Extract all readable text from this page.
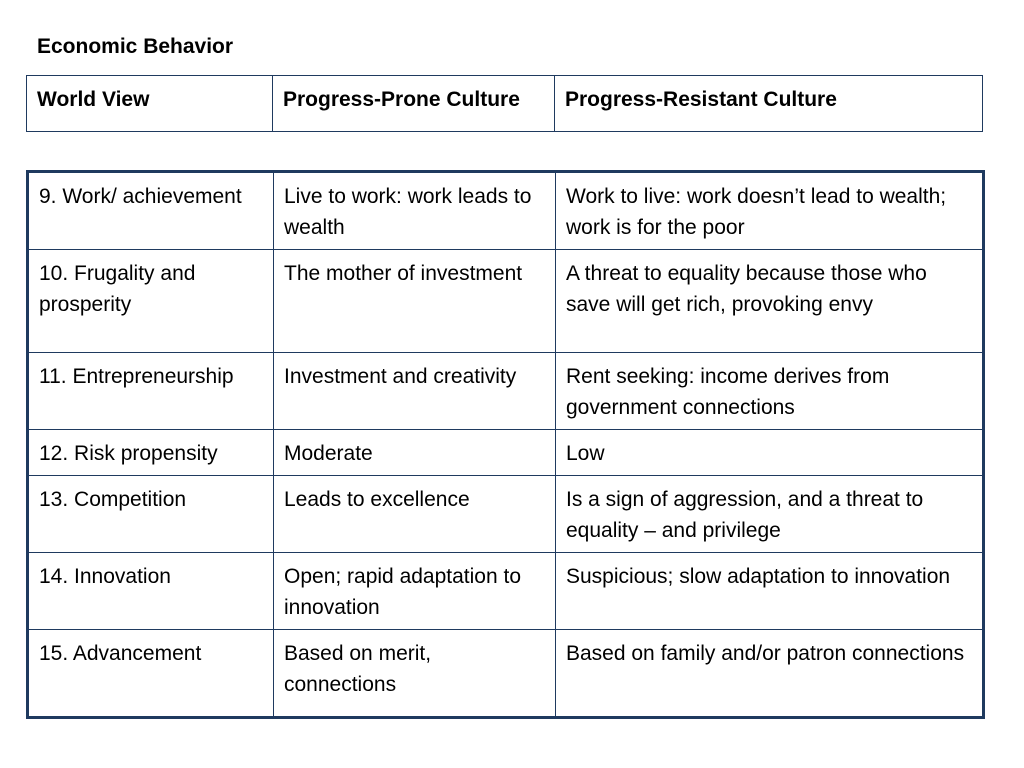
Economic Behavior
World View	Progress-Prone Culture	Progress-Resistant Culture
9. Work/ achievement	Live to work: work leads to wealth	Work to live: work doesn’t lead to wealth; work is for the poor
10. Frugality and prosperity	The mother of investment	A threat to equality because those who save will get rich, provoking envy
11. Entrepreneurship	Investment and creativity	Rent seeking: income derives from government connections
12. Risk propensity	Moderate	Low
13. Competition	Leads to excellence	Is a sign of aggression, and a threat to equality – and privilege
14. Innovation	Open; rapid adaptation to innovation	Suspicious; slow adaptation to innovation
15. Advancement	Based on merit, connections	Based on family and/or patron connections
